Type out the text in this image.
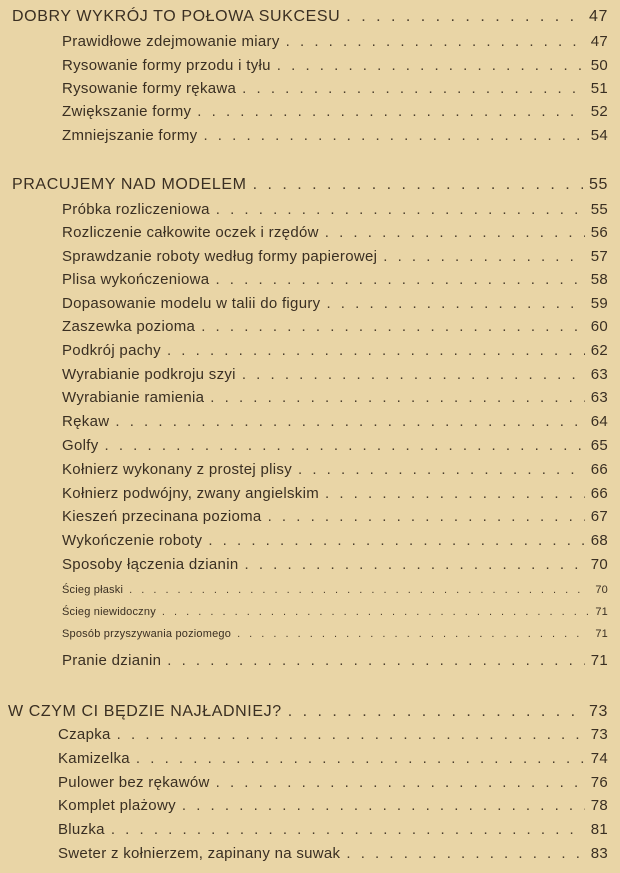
DOBRY WYKRÓJ TO POŁOWA SUKCESU . . .	47
Prawidłowe zdejmowanie miary . . .	47
Rysowanie formy przodu i tyłu . . .	50
Rysowanie formy rękawa . . .	51
Zwiększanie formy . . .	52
Zmniejszanie formy . . .	54
PRACUJEMY NAD MODELEM . . .	55
Próbka rozliczeniowa . . .	55
Rozliczenie całkowite oczek i rzędów . . .	56
Sprawdzanie roboty według formy papierowej . . .	57
Plisa wykończeniowa . . .	58
Dopasowanie modelu w talii do figury . . .	59
Zaszewka pozioma . . .	60
Podkrój pachy . . .	62
Wyrabianie podkroju szyi . . .	63
Wyrabianie ramienia . . .	63
Rękaw . . .	64
Golfy . . .	65
Kołnierz wykonany z prostej plisy . . .	66
Kołnierz podwójny, zwany angielskim . . .	66
Kieszeń przecinana pozioma . . .	67
Wykończenie roboty . . .	68
Sposoby łączenia dzianin . . .	70
Ścieg płaski . . .	70
Ścieg niewidoczny . . .	71
Sposób przyszywania poziomego . . .	71
Pranie dzianin . . .	71
W CZYM CI BĘDZIE NAJŁADNIEJ? . . .	73
Czapka . . .	73
Kamizelka . . .	74
Pulower bez rękawów . . .	76
Komplet plażowy . . .	78
Bluzka . . .	81
Sweter z kołnierzem, zapinany na suwak . . .	83
